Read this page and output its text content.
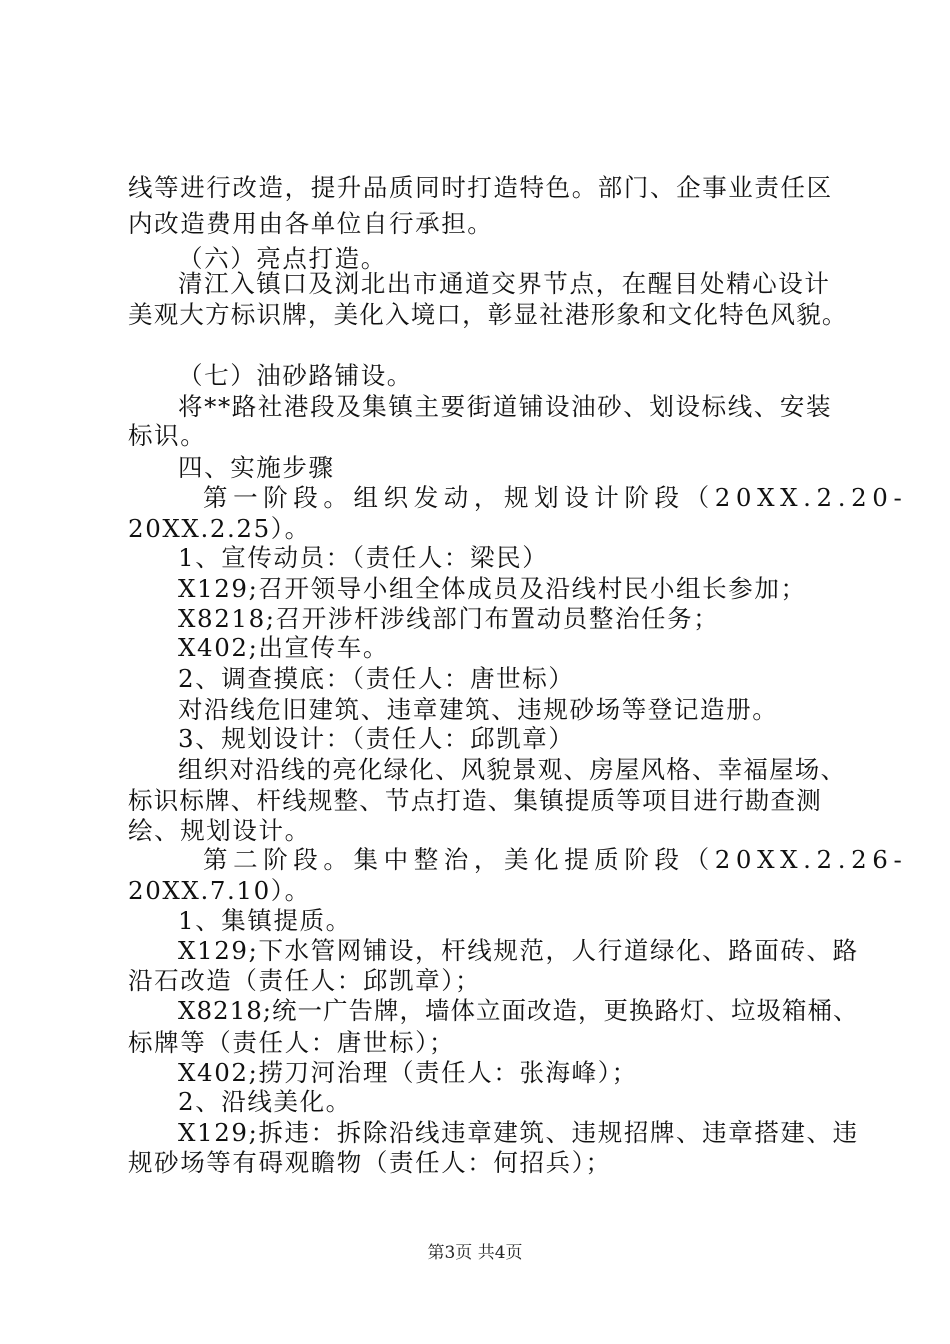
线等进行改造，提升品质同时打造特色。部门、企事业责任区
内改造费用由各单位自行承担。
（六）亮点打造。
清江入镇口及浏北出市通道交界节点，在醒目处精心设计
美观大方标识牌，美化入境口，彰显社港形象和文化特色风貌。
（七）油砂路铺设。
将**路社港段及集镇主要街道铺设油砂、划设标线、安装
标识。
四、实施步骤
第一阶段。组织发动，规划设计阶段（20XX.2.20-
20XX.2.25）。
1、宣传动员：（责任人：梁民）
X129;召开领导小组全体成员及沿线村民小组长参加；
X8218;召开涉杆涉线部门布置动员整治任务；
X402;出宣传车。
2、调查摸底：（责任人：唐世标）
对沿线危旧建筑、违章建筑、违规砂场等登记造册。
3、规划设计：（责任人：邱凯章）
组织对沿线的亮化绿化、风貌景观、房屋风格、幸福屋场、
标识标牌、杆线规整、节点打造、集镇提质等项目进行勘查测
绘、规划设计。
第二阶段。集中整治，美化提质阶段（20XX.2.26-
20XX.7.10）。
1、集镇提质。
X129;下水管网铺设，杆线规范，人行道绿化、路面砖、路
沿石改造（责任人：邱凯章）；
X8218;统一广告牌，墙体立面改造，更换路灯、垃圾箱桶、
标牌等（责任人：唐世标）；
X402;捞刀河治理（责任人：张海峰）；
2、沿线美化。
X129;拆违：拆除沿线违章建筑、违规招牌、违章搭建、违
规砂场等有碍观瞻物（责任人：何招兵）；
第3页 共4页
